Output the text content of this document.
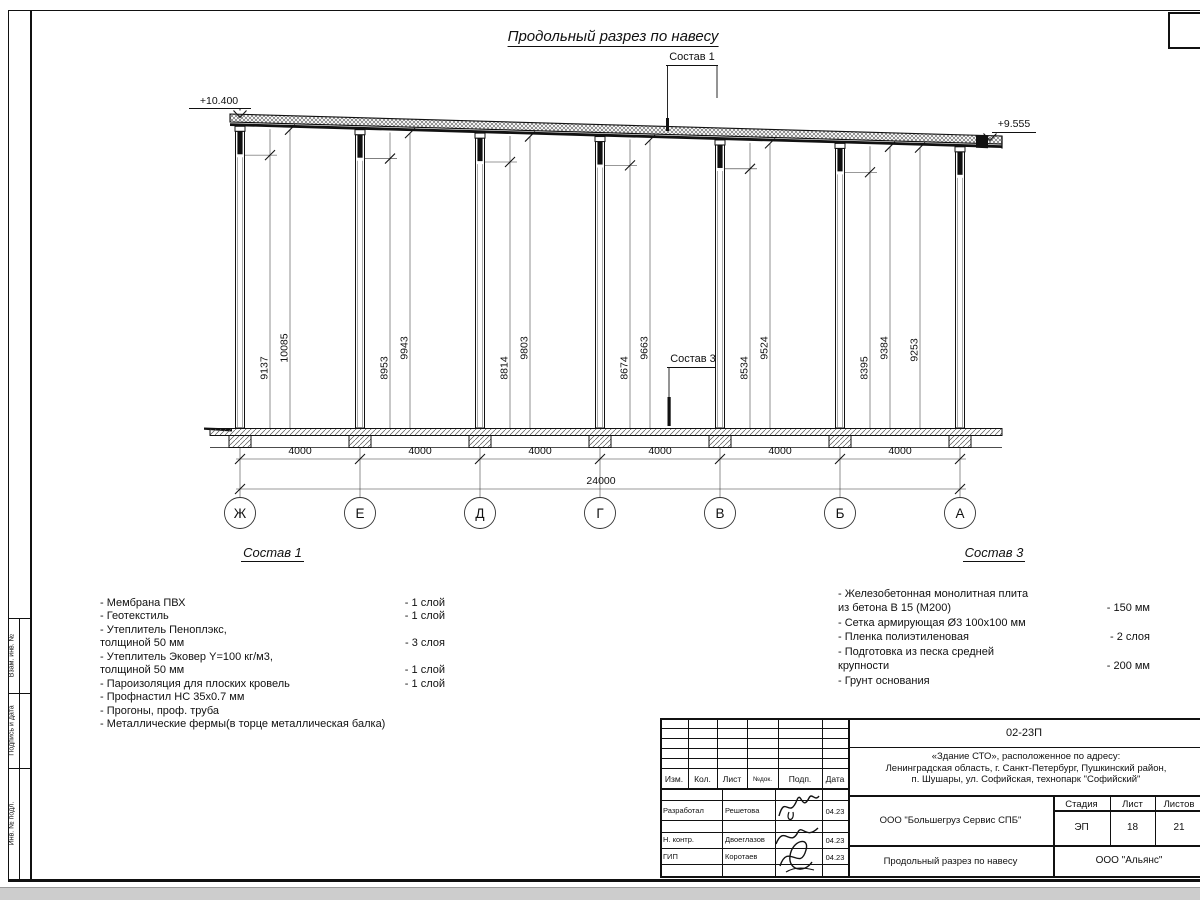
Взам. инв. №
Подпись и дата
Инв. № подл.
Продольный разрез по навесу
Состав 1
Состав 3
+10.400
+9.555
9137
10085
8953
9943
8814
9803
8674
9663
8534
9524
8395
9384 9253
4000	4000	4000	4000	4000	4000
24000
Ж	Е	Д	Г	В	Б	А
Состав 1
- Мембрана ПВХ	- 1 слой
- Геотекстиль	- 1 слой
- Утеплитель Пеноплэкс,
толщиной 50 мм	- 3 слоя
- Утеплитель Эковер Y=100 кг/м3,
толщиной 50 мм	- 1 слой
- Пароизоляция для плоских кровель	- 1 слой
- Профнастил НС 35х0.7 мм
- Прогоны, проф. труба
- Металлические фермы(в торце металлическая балка)
Состав 3
- Железобетонная монолитная плита
из бетона В 15 (М200)	- 150 мм
- Сетка армирующая Ø3 100х100 мм
- Пленка полиэтиленовая	- 2 слоя
- Подготовка из песка средней
крупности	- 200 мм
- Грунт основания
Изм.	Кол.	Лист	№док.	Подп.	Дата
Разработал	Решетова	04.23
Н. контр.	Двоеглазов	04.23
ГИП	Коротаев	04.23
02-23П
«Здание СТО», расположенное по адресу:
Ленинградская область, г. Санкт-Петербург, Пушкинский район,
п. Шушары, ул. Софийская, технопарк "Софийский"
ООО "Большегруз Сервис СПБ"
Продольный разрез по навесу
Стадия	Лист	Листов
ЭП	18	21
ООО "Альянс"
